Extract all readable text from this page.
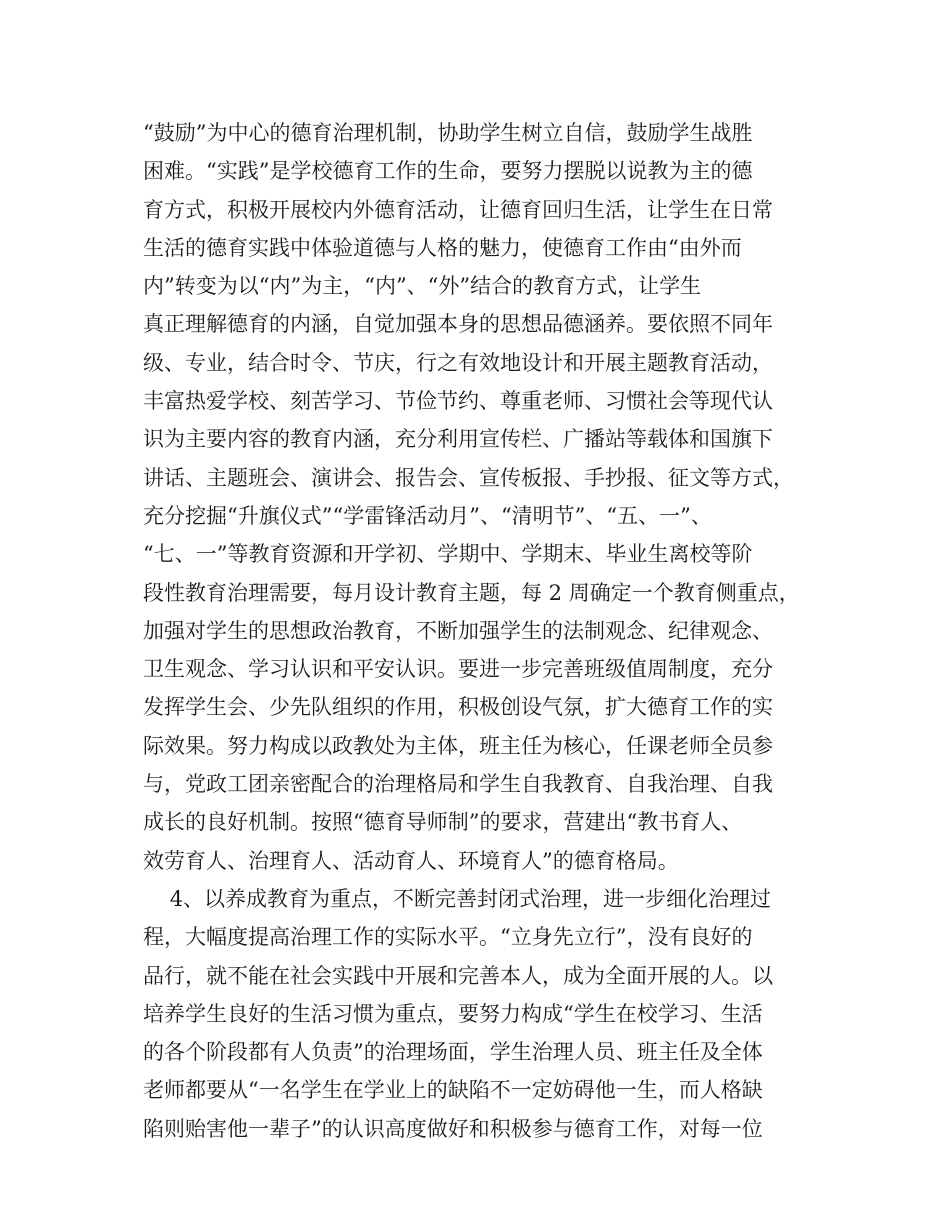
“鼓励”为中心的德育治理机制，协助学生树立自信，鼓励学生战胜
困难。“实践”是学校德育工作的生命，要努力摆脱以说教为主的德
育方式，积极开展校内外德育活动，让德育回归生活，让学生在日常
生活的德育实践中体验道德与人格的魅力，使德育工作由“由外而
内”转变为以“内”为主，“内”、“外”结合的教育方式，让学生
真正理解德育的内涵，自觉加强本身的思想品德涵养。要依照不同年
级、专业，结合时令、节庆，行之有效地设计和开展主题教育活动，
丰富热爱学校、刻苦学习、节俭节约、尊重老师、习惯社会等现代认
识为主要内容的教育内涵，充分利用宣传栏、广播站等载体和国旗下
讲话、主题班会、演讲会、报告会、宣传板报、手抄报、征文等方式，
充分挖掘“升旗仪式”“学雷锋活动月”、“清明节”、“五、一”、
“七、一”等教育资源和开学初、学期中、学期末、毕业生离校等阶
段性教育治理需要，每月设计教育主题，每 2 周确定一个教育侧重点，
加强对学生的思想政治教育，不断加强学生的法制观念、纪律观念、
卫生观念、学习认识和平安认识。要进一步完善班级值周制度，充分
发挥学生会、少先队组织的作用，积极创设气氛，扩大德育工作的实
际效果。努力构成以政教处为主体，班主任为核心，任课老师全员参
与，党政工团亲密配合的治理格局和学生自我教育、自我治理、自我
成长的良好机制。按照“德育导师制”的要求，营建出“教书育人、
效劳育人、治理育人、活动育人、环境育人”的德育格局。
4、以养成教育为重点，不断完善封闭式治理，进一步细化治理过
程，大幅度提高治理工作的实际水平。“立身先立行”，没有良好的
品行，就不能在社会实践中开展和完善本人，成为全面开展的人。以
培养学生良好的生活习惯为重点，要努力构成“学生在校学习、生活
的各个阶段都有人负责”的治理场面，学生治理人员、班主任及全体
老师都要从“一名学生在学业上的缺陷不一定妨碍他一生，而人格缺
陷则贻害他一辈子”的认识高度做好和积极参与德育工作，对每一位
